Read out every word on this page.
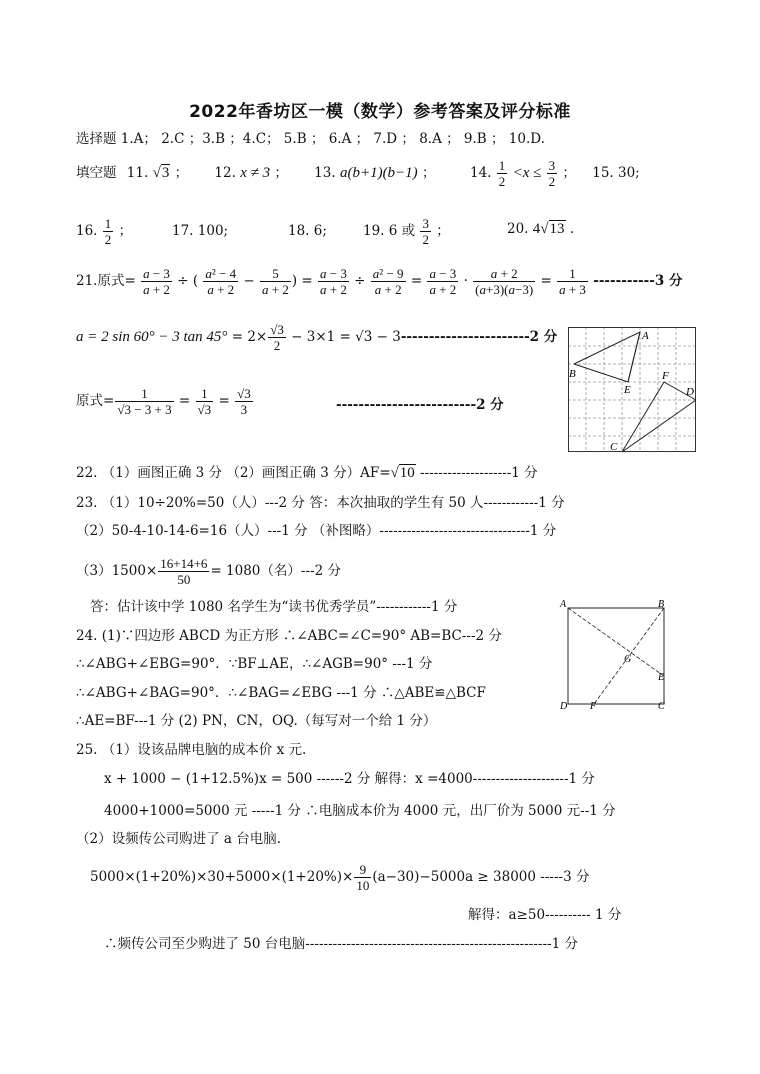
2022年香坊区一模（数学）参考答案及评分标准
选择题 1.A； 2.C ；3.B ；4.C； 5.B ； 6.A ； 7.D ； 8.A ； 9.B ； 10.D.
填空题 11. √3 ； 12. x ≠ 3 ； 13. a(b+1)(b−1) ；	14. $\frac{1}{2} <x \le \frac{3}{2}$ ； 15. 30;
16. $\frac{1}{2}$ ；	17. 100;	18. 6;	19. 6 或 $\frac{3}{2}$ ；	20. 4√13 .
21.原式= $\frac{a - 3}{a + 2}$ ÷ ( $\frac{\text{a² − 4}}{a + 2} - \frac{5}{a + 2}$ ) = $\frac{a - 3}{a + 2} \div \frac{\text{a² − 9}}{a + 2} = \frac{a - 3}{a + 2} \cdot \frac{a + 2}{(a+3)(a-3)} = \frac{1}{a + 3} -----------3$ 分
a = 2 sin 60° − 3 $\tan 45^\circ = 2\times \frac{√3}{2} - 3\times 1 = √3 - 3-----------------------2$ 分
原式= $\frac{1}{√3 - 3 + 3} = \frac{1}{√3} = \frac{√3}{3}$	-------------------------2 分
A
B
E
F
D
C
22. （1）画图正确 3 分 （2）画图正确 3 分）AF=√10 --------------------1 分
23. （1）10÷20%=50（人）---2 分 答：本次抽取的学生有 50 人------------1 分
（2）50-4-10-14-6=16（人）---1 分 （补图略）---------------------------------1 分
$(3)1500\times \frac{16+14+6}{50} = 1080$（名）---2 分
答：估计该中学 1080 名学生为“读书优秀学员”------------1 分
24. (1)∵四边形 ABCD 为正方形 ∴∠ABC=∠C=90° AB=BC---2 分
∴∠ABG+∠EBG=90°．∵BF⊥AE，∴∠AGB=90° ---1 分
∴∠ABG+∠BAG=90°．∴∠BAG=∠EBG ---1 分 ∴△ABE≌△BCF
∴AE=BF---1 分 (2) PN，CN，OQ.（每写对一个给 1 分）
A	B
G
E
D F	C
25. （1）设该品牌电脑的成本价 x 元.
x + 1000 − (1+12.5%)x = 500 ------2 分 解得：x =4000---------------------1 分
4000+1000=5000 元 -----1 分 ∴电脑成本价为 4000 元，出厂价为 5000 元--1 分
（2）设频传公司购进了 a 台电脑.
$5000\times(1+20\%)\times 30+5000\times(1+20\%)\times \frac{9}{10} (a-30)-5000a \ge 38000$ -----3 分
解得：a≥50---------- 1 分
∴频传公司至少购进了 50 台电脑------------------------------------------------------1 分
